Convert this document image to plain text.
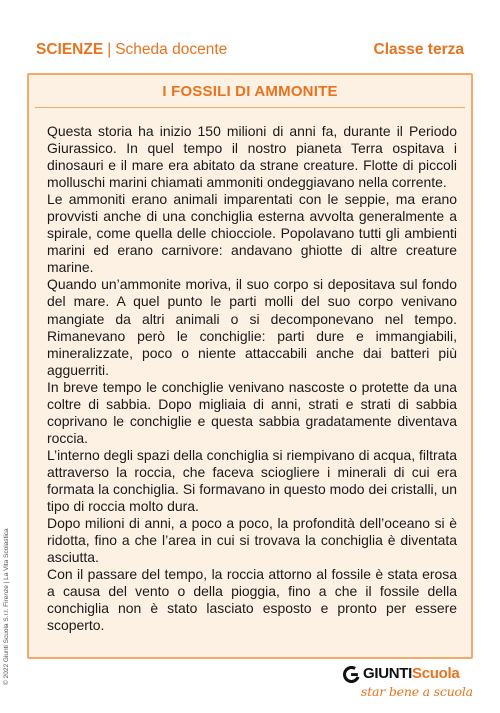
SCIENZE | Scheda docente	Classe terza
I FOSSILI DI AMMONITE

Questa storia ha inizio 150 milioni di anni fa, durante il Periodo Giurassico. In quel tempo il nostro pianeta Terra ospitava i dinosauri e il mare era abitato da strane creature. Flotte di piccoli molluschi marini chiamati ammoniti ondeggiavano nella corrente.

Le ammoniti erano animali imparentati con le seppie, ma erano provvisti anche di una conchiglia esterna avvolta generalmente a spirale, come quella delle chiocciole. Popolavano tutti gli ambienti marini ed erano carnivore: andavano ghiotte di altre creature marine.

Quando un’ammonite moriva, il suo corpo si depositava sul fondo del mare. A quel punto le parti molli del suo corpo venivano mangiate da altri animali o si decomponevano nel tempo. Rimanevano però le conchiglie: parti dure e immangiabili, mineralizzate, poco o niente attaccabili anche dai batteri più agguerriti.

In breve tempo le conchiglie venivano nascoste o protette da una coltre di sabbia. Dopo migliaia di anni, strati e strati di sabbia coprivano le conchiglie e questa sabbia gradatamente diventava roccia.

L’interno degli spazi della conchiglia si riempivano di acqua, filtrata attraverso la roccia, che faceva sciogliere i minerali di cui era formata la conchiglia. Si formavano in questo modo dei cristalli, un tipo di roccia molto dura.

Dopo milioni di anni, a poco a poco, la profondità dell’oceano si è ridotta, fino a che l’area in cui si trovava la conchiglia è diventata asciutta.

Con il passare del tempo, la roccia attorno al fossile è stata erosa a causa del vento o della pioggia, fino a che il fossile della conchiglia non è stato lasciato esposto e pronto per essere scoperto.

© 2022 Giunti Scuola S.r.l. Firenze | La Vita Scolastica	GIUNTIScuola
star bene a scuola
